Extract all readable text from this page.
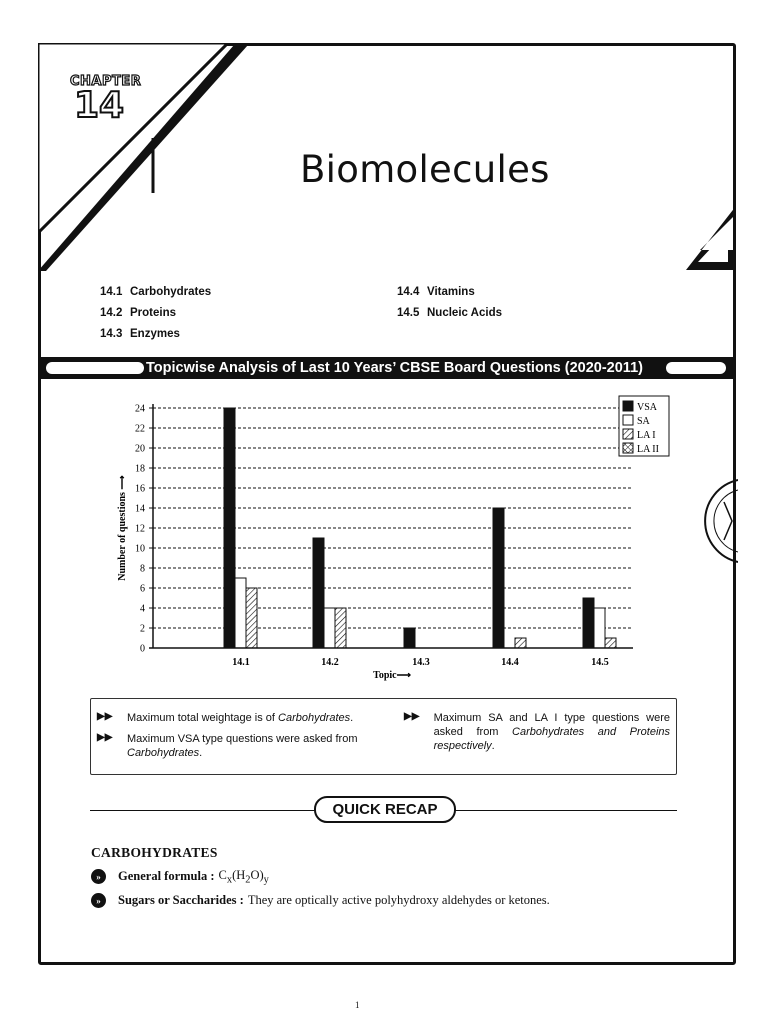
CHAPTER
14
Biomolecules
14.1 Carbohydrates
14.2 Proteins
14.3 Enzymes
14.4 Vitamins
14.5 Nucleic Acids
Topicwise Analysis of Last 10 Years’ CBSE Board Questions (2020-2011)
0
2
4
6
8
10
12
14
16
18
20
22
24
Number of questions ⟶
Topic⟶
14.1	14.2	14.3	14.4	14.5
VSA
SA
LA I
LA II
▶▶	Maximum total weightage is of Carbohydrates.
▶▶	Maximum VSA type questions were asked from Carbohydrates.
▶▶	Maximum SA and LA I type questions were asked from Carbohydrates and Proteins respectively.
QUICK RECAP
CARBOHYDRATES
»	General formula : $C_x(H_2O)_y$
»	Sugars or Saccharides : They are optically active polyhydroxy aldehydes or ketones.
1
